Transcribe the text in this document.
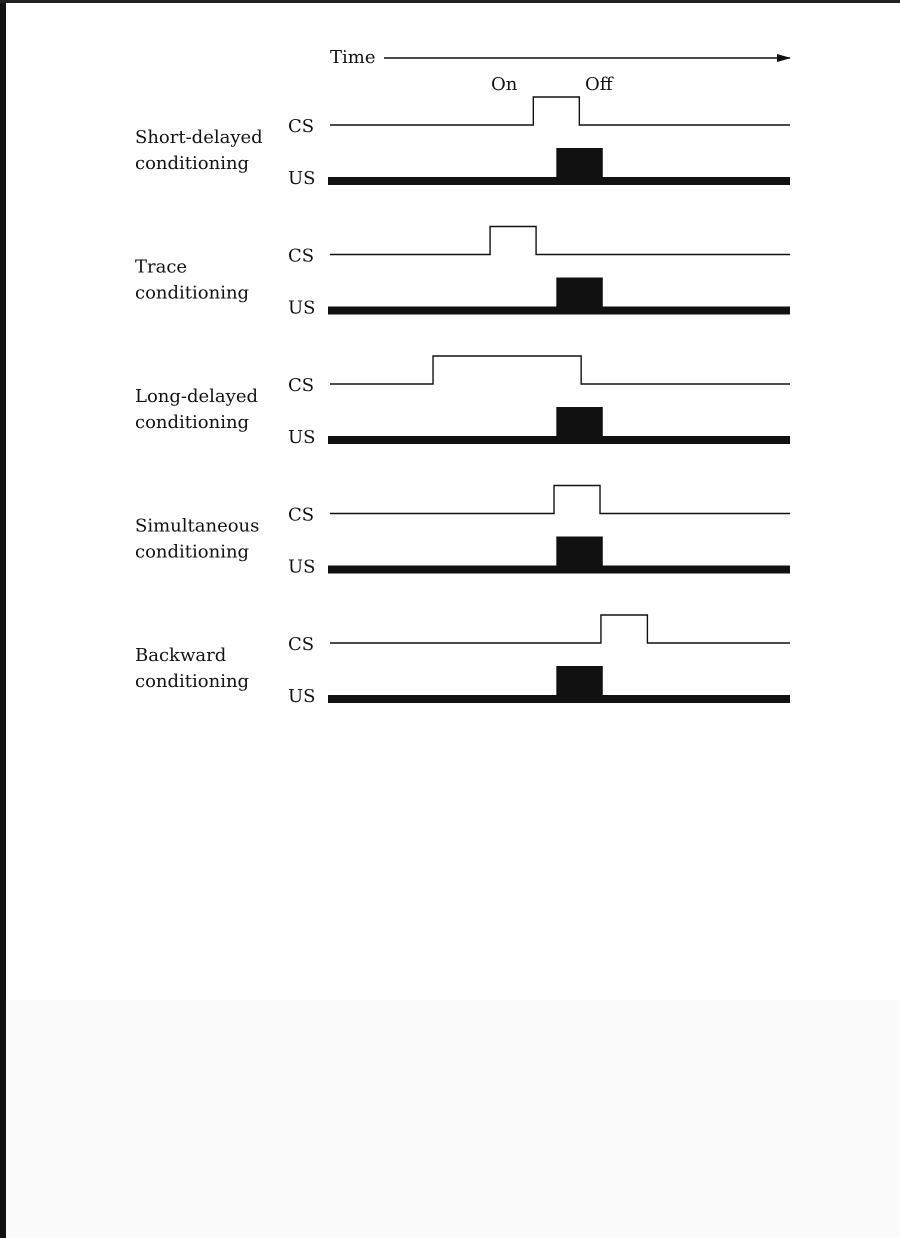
Time
On	Off
Short-delayed
conditioning
CS
US
Trace
conditioning
CS
US
Long-delayed
conditioning
CS
US
Simultaneous
conditioning
CS
US
Backward
conditioning
CS
US
